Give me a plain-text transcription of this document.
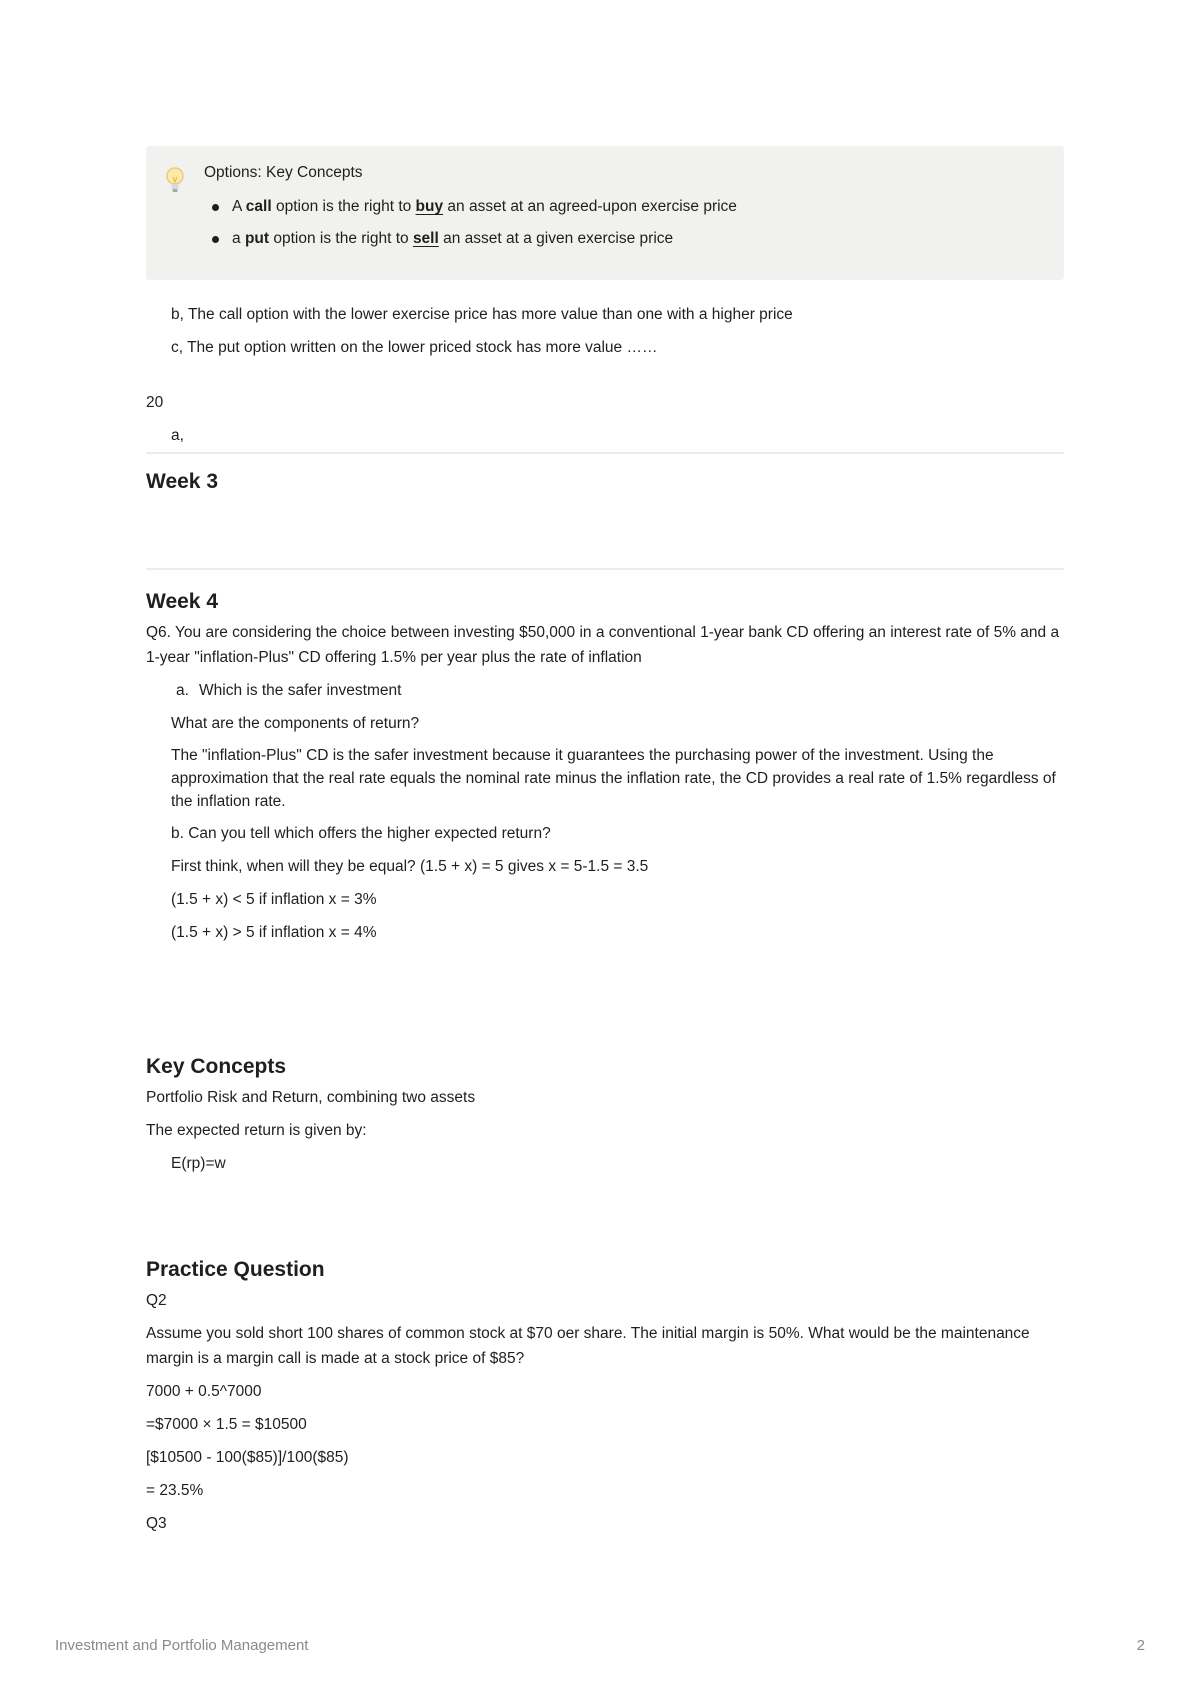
Options: Key Concepts
A call option is the right to buy an asset at an agreed-upon exercise price
a put option is the right to sell an asset at a given exercise price

b, The call option with the lower exercise price has more value than one with a higher price

c, The put option written on the lower priced stock has more value ……

20

a,

Week 3
Week 4

Q6. You are considering the choice between investing $50,000 in a conventional 1-year bank CD offering an interest rate of 5% and a 1-year "inflation-Plus" CD offering 1.5% per year plus the rate of inflation

a. Which is the safer investment

What are the components of return?

The "inflation-Plus" CD is the safer investment because it guarantees the purchasing power of the investment. Using the approximation that the real rate equals the nominal rate minus the inflation rate, the CD provides a real rate of 1.5% regardless of the inflation rate.

b. Can you tell which offers the higher expected return?

First think, when will they be equal? (1.5 + x) = 5 gives x = 5-1.5 = 3.5

(1.5 + x) < 5 if inflation x = 3%

(1.5 + x) > 5 if inflation x = 4%

Key Concepts

Portfolio Risk and Return, combining two assets

The expected return is given by:

E(rp)=w

Practice Question

Q2

Assume you sold short 100 shares of common stock at $70 oer share. The initial margin is 50%. What would be the maintenance margin is a margin call is made at a stock price of $85?

7000 + 0.5^7000

=$7000 × 1.5 = $10500

[$10500 - 100($85)]/100($85)

= 23.5%

Q3

Investment and Portfolio Management	2
